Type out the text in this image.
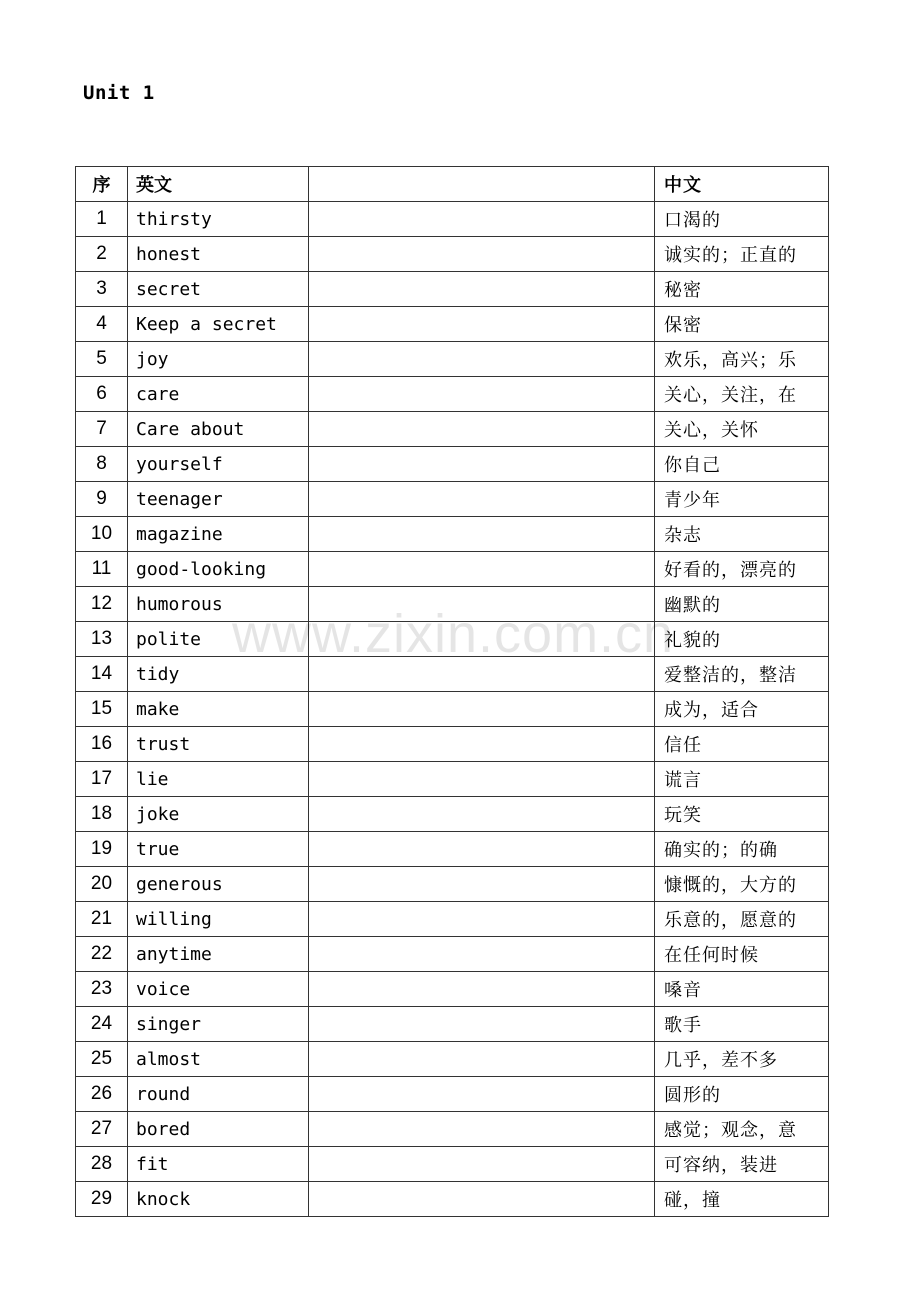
Unit 1
序	英文		中文
1	thirsty		口渴的
2	honest		诚实的；正直的
3	secret		秘密
4	Keep a secret		保密
5	joy		欢乐，高兴；乐
6	care		关心，关注，在
7	Care about		关心，关怀
8	yourself		你自己
9	teenager		青少年
10	magazine		杂志
11	good-looking		好看的，漂亮的
12	humorous		幽默的
13	polite		礼貌的
14	tidy		爱整洁的，整洁
15	make		成为，适合
16	trust		信任
17	lie		谎言
18	joke		玩笑
19	true		确实的；的确
20	generous		慷慨的，大方的
21	willing		乐意的，愿意的
22	anytime		在任何时候
23	voice		嗓音
24	singer		歌手
25	almost		几乎，差不多
26	round		圆形的
27	bored		感觉；观念，意
28	fit		可容纳，装进
29	knock		碰，撞
www.zixin.com.cn
